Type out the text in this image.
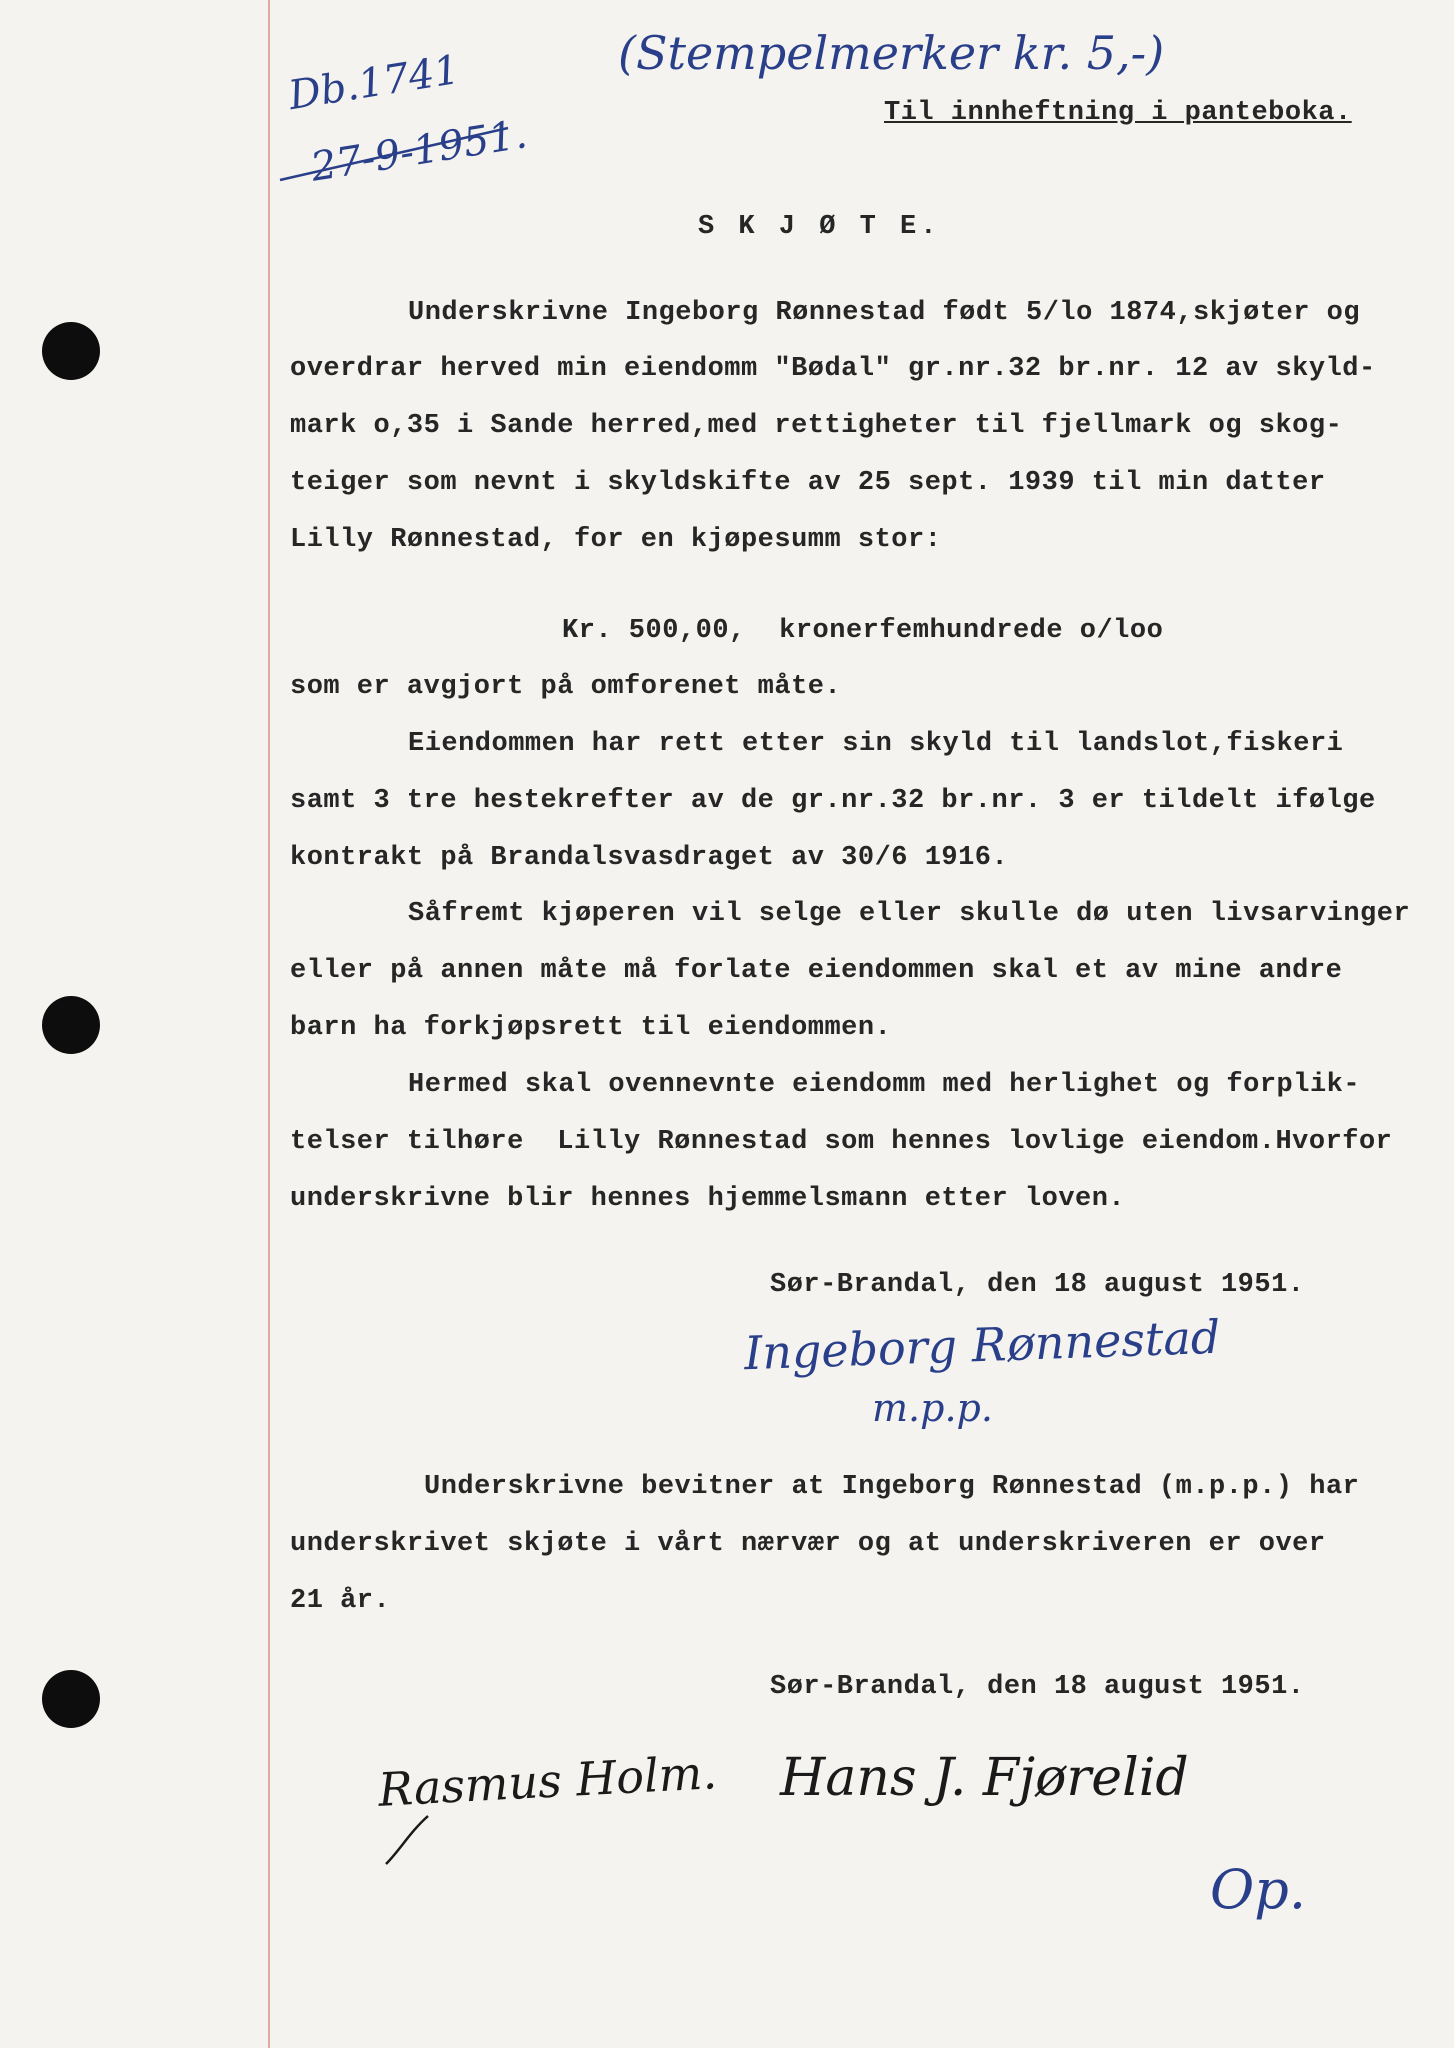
Db.1741
27-9-1951.
(Stempelmerker kr. 5,-)
Til innheftning i panteboka.
S K J Ø T E.
Underskrivne Ingeborg Rønnestad født 5/lo 1874,skjøter og
overdrar herved min eiendomm "Bødal" gr.nr.32 br.nr. 12 av skyld-
mark o,35 i Sande herred,med rettigheter til fjellmark og skog-
teiger som nevnt i skyldskifte av 25 sept. 1939 til min datter
Lilly Rønnestad, for en kjøpesumm stor:
Kr. 500,00,  kronerfemhundrede o/loo
som er avgjort på omforenet måte.
Eiendommen har rett etter sin skyld til landslot,fiskeri
samt 3 tre hestekrefter av de gr.nr.32 br.nr. 3 er tildelt ifølge
kontrakt på Brandalsvasdraget av 30/6 1916.
Såfremt kjøperen vil selge eller skulle dø uten livsarvinger
eller på annen måte må forlate eiendommen skal et av mine andre
barn ha forkjøpsrett til eiendommen.
Hermed skal ovennevnte eiendomm med herlighet og forplik-
telser tilhøre  Lilly Rønnestad som hennes lovlige eiendom.Hvorfor
underskrivne blir hennes hjemmelsmann etter loven.
Sør-Brandal, den 18 august 1951.
Ingeborg Rønnestad
m.p.p.
Underskrivne bevitner at Ingeborg Rønnestad (m.p.p.) har
underskrivet skjøte i vårt nærvær og at underskriveren er over
21 år.
Sør-Brandal, den 18 august 1951.
Rasmus Holm. Hans J. Fjørelid
Op.
